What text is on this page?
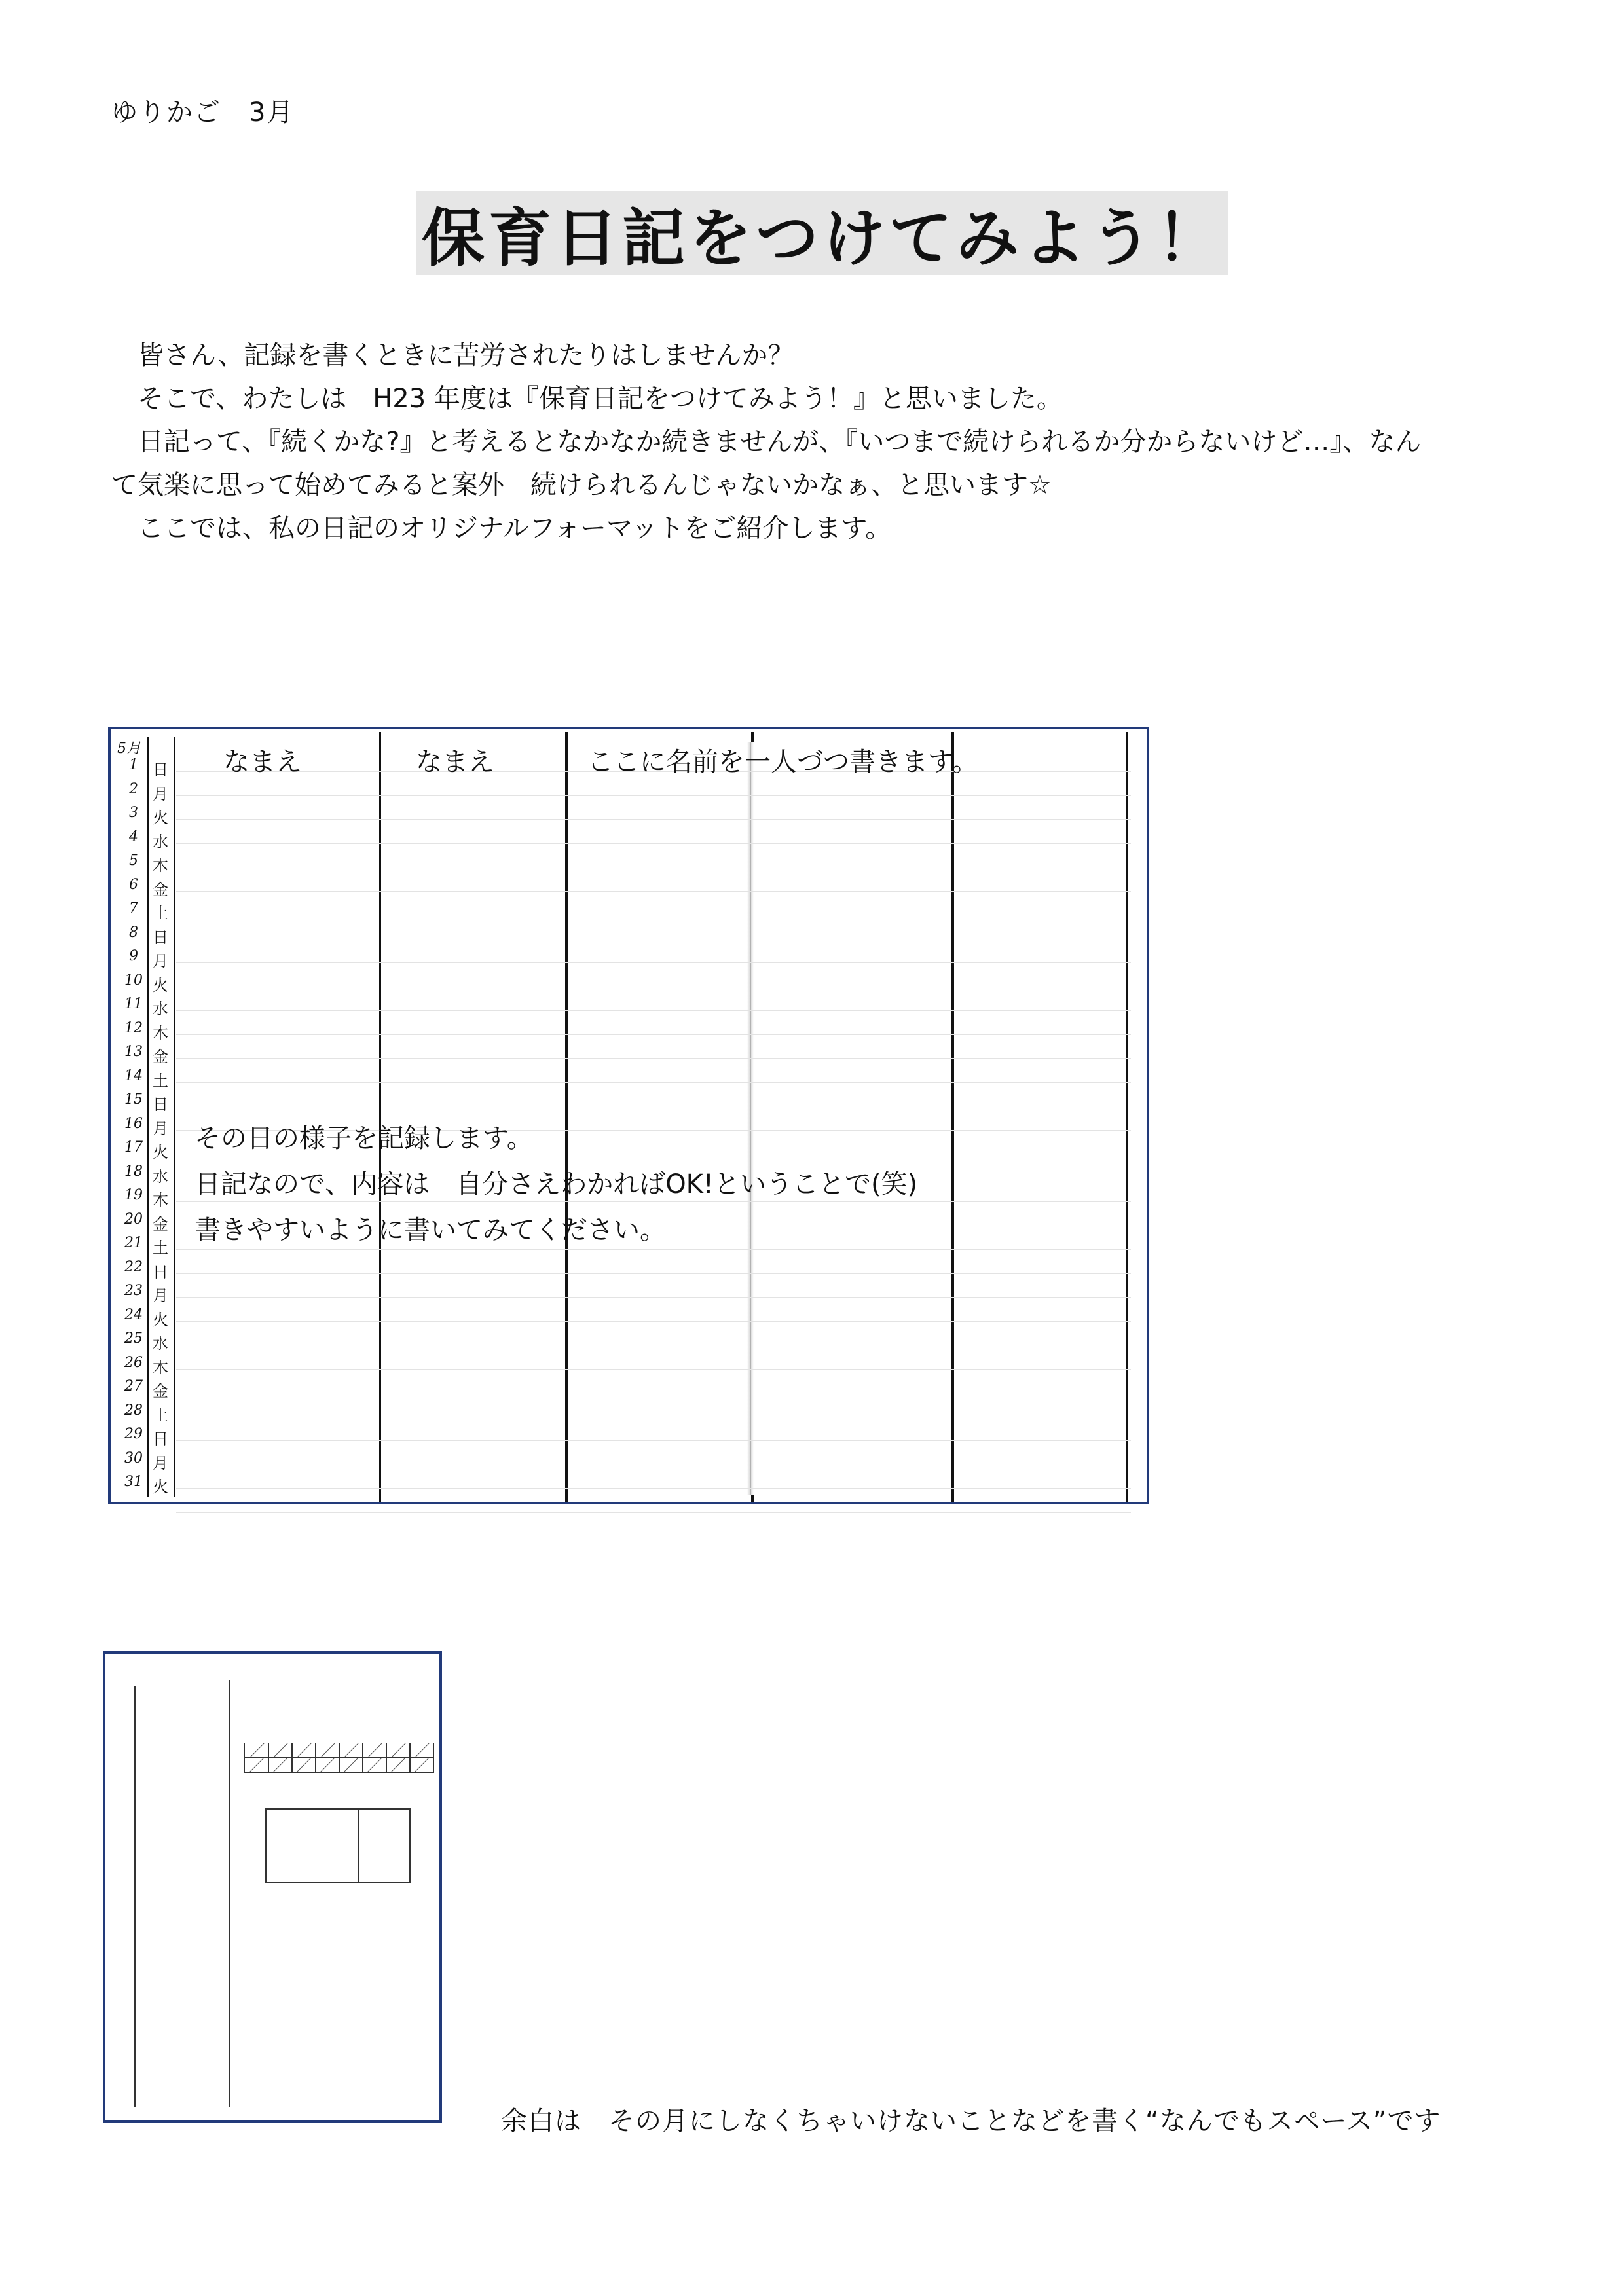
ゆりかご　3月
保育日記をつけてみよう！

　皆さん、記録を書くときに苦労されたりはしませんか？

　そこで、わたしは　H23 年度は『保育日記をつけてみよう！』と思いました。

　日記って、『続くかな?』と考えるとなかなか続きませんが、『いつまで続けられるか分からないけど…』、なん

て気楽に思って始めてみると案外　続けられるんじゃないかなぁ、と思います☆

　ここでは、私の日記のオリジナルフォーマットをご紹介します。

5月
1 日
2 月
3 火
4 水
5 木
6 金
7 土
8 日
9 月
10 火
11 水
12 木
13 金
14 土
15 日
16 月
17 火
18 水
19 木
20 金
21 土
22 日
23 月
24 火
25 水
26 木
27 金
28 土
29 日
30 月
31 火
なまえ	なまえ	ここに名前を一人づつ書きます。

その日の様子を記録します。

日記なので、内容は　自分さえわかればOK!ということで(笑)

書きやすいように書いてみてください。

余白は　その月にしなくちゃいけないことなどを書く“なんでもスペース”です
